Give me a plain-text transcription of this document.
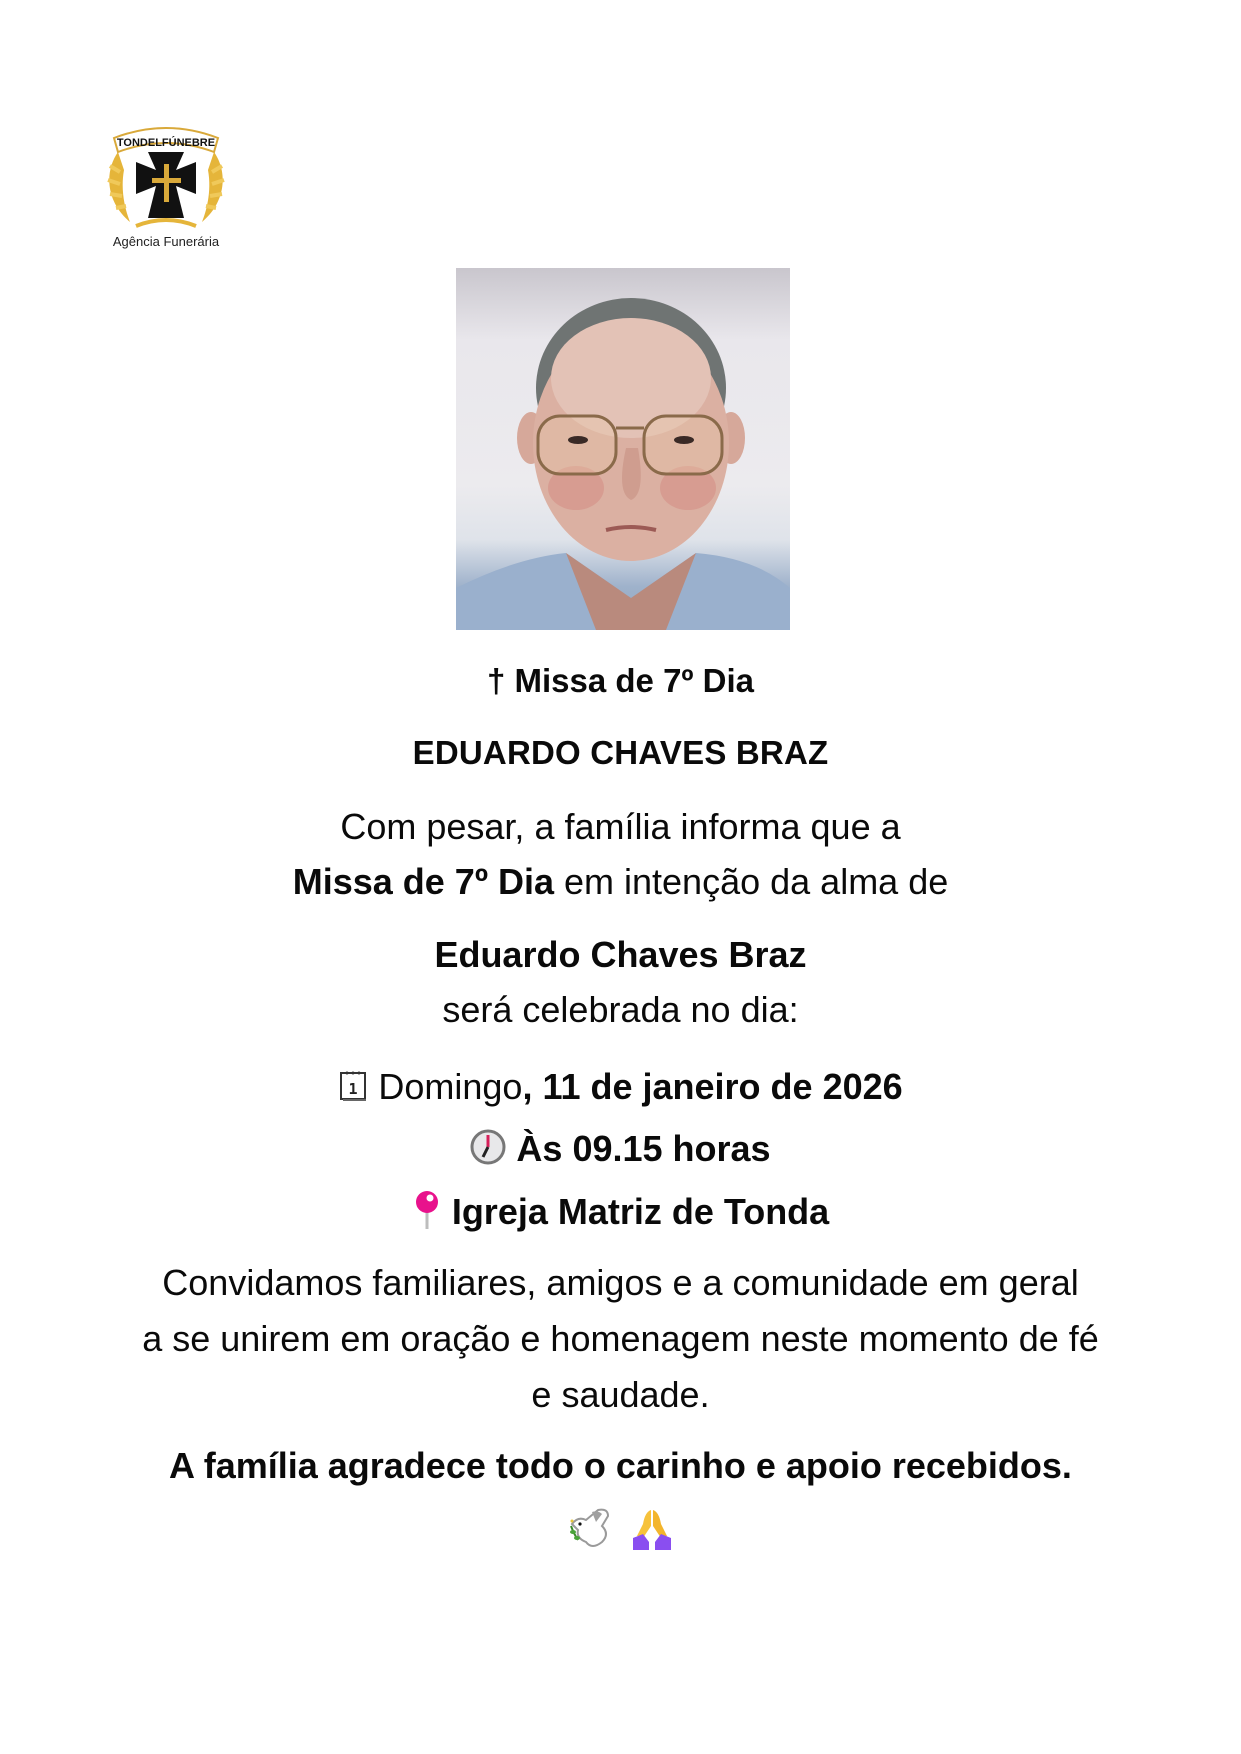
TONDELFÚNEBRE
Agência Funerária
† Missa de 7º Dia
EDUARDO CHAVES BRAZ
Com pesar, a família informa que a
Missa de 7º Dia em intenção da alma de
Eduardo Chaves Braz
será celebrada no dia:
1 Domingo, 11 de janeiro de 2026
Às 09.15 horas
Igreja Matriz de Tonda
Convidamos familiares, amigos e a comunidade em geral
a se unirem em oração e homenagem neste momento de fé
e saudade.
A família agradece todo o carinho e apoio recebidos.
